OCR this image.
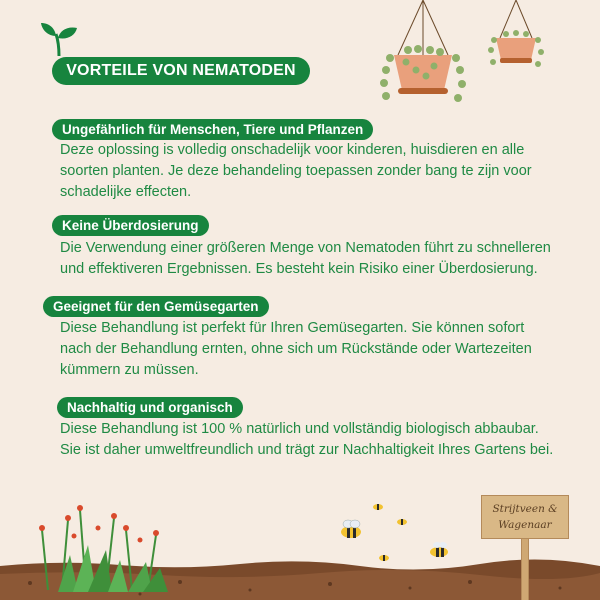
VORTEILE VON NEMATODEN
Ungefährlich für Menschen, Tiere und Pflanzen
Deze oplossing is volledig onschadelijk voor kinderen, huisdieren en alle
soorten planten. Je deze behandeling toepassen zonder bang te zijn voor
schadelijke effecten.
Keine Überdosierung
Die Verwendung einer größeren Menge von Nematoden führt zu schnelleren
und effektiveren Ergebnissen. Es besteht kein Risiko einer Überdosierung.
Geeignet für den Gemüsegarten
Diese Behandlung ist perfekt für Ihren Gemüsegarten. Sie können sofort
nach der Behandlung ernten, ohne sich um Rückstände oder Wartezeiten
kümmern zu müssen.
Nachhaltig und organisch
Diese Behandlung ist 100 % natürlich und vollständig biologisch abbaubar.
Sie ist daher umweltfreundlich und trägt zur Nachhaltigkeit Ihres Gartens bei.
Strijtveen &
Wagenaar
